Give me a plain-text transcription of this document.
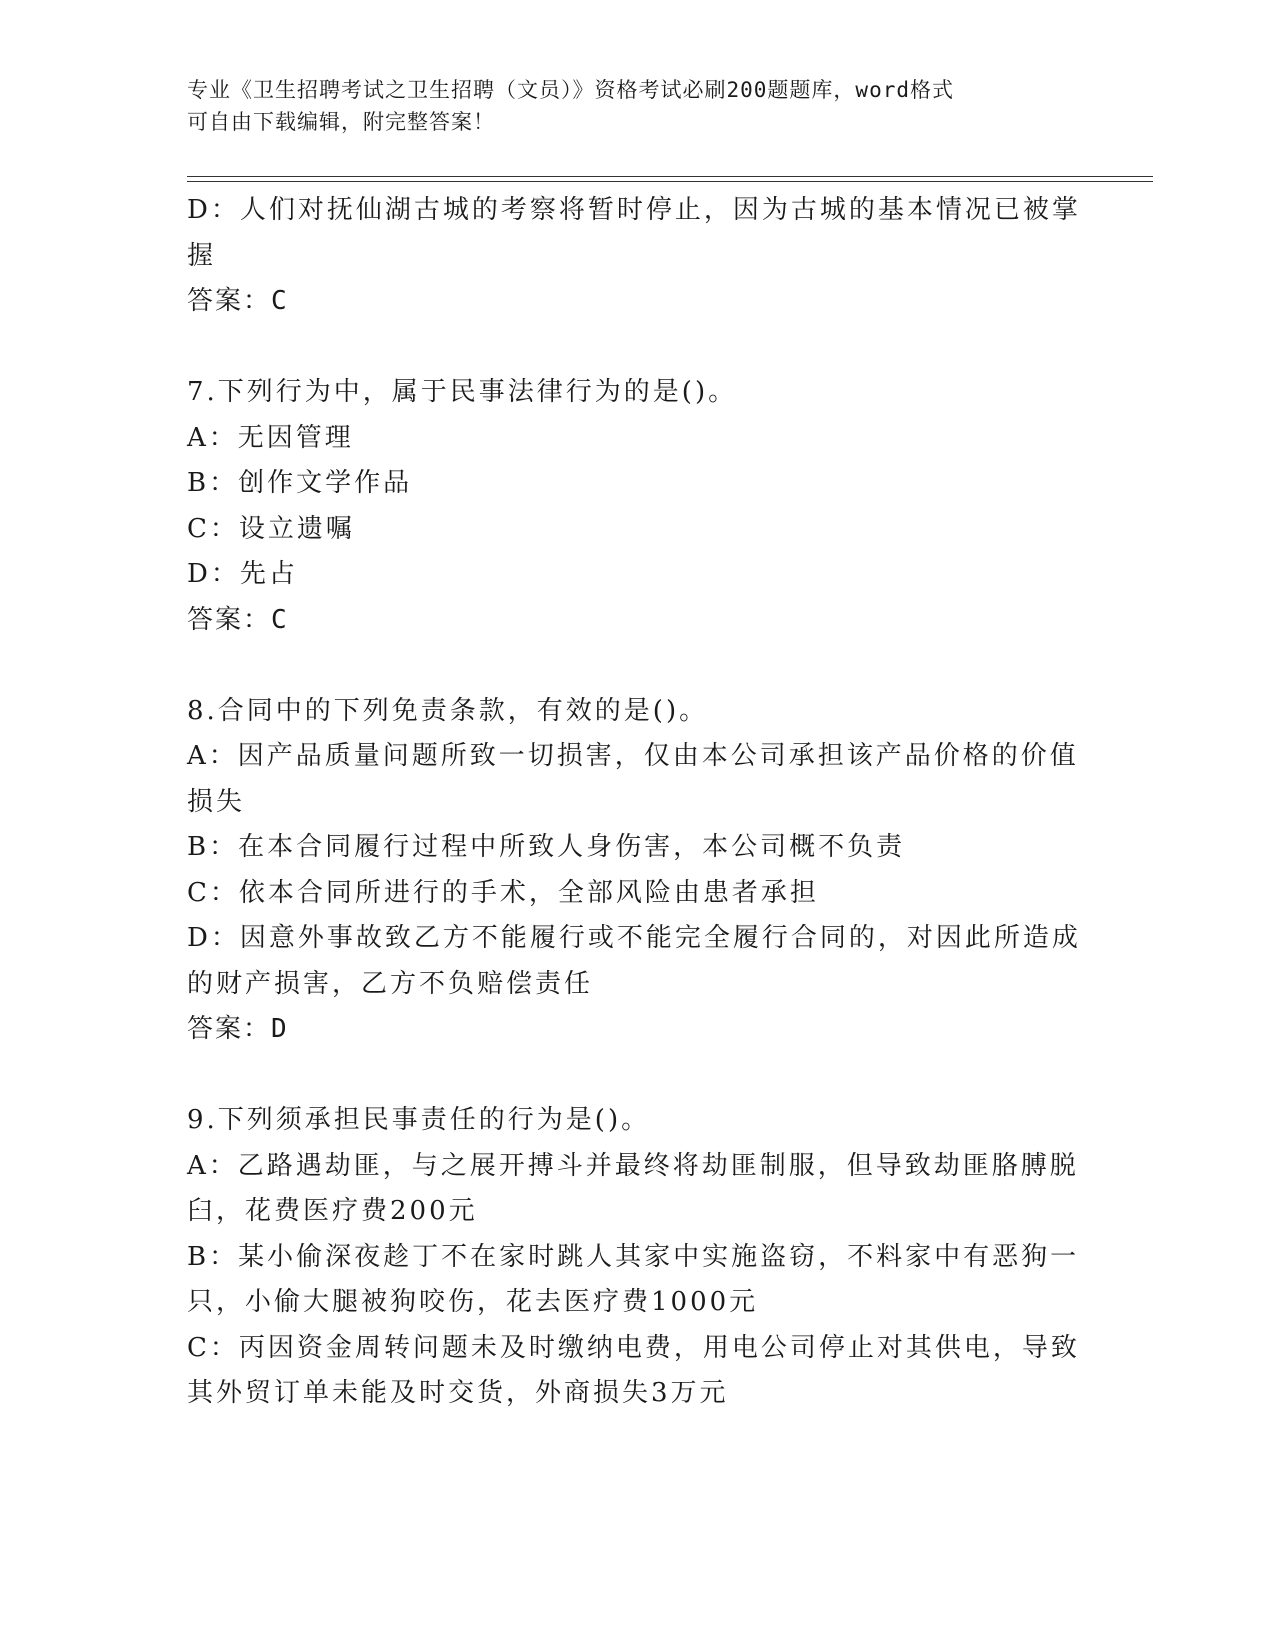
专业《卫生招聘考试之卫生招聘（文员）》资格考试必刷200题题库，word格式
可自由下载编辑，附完整答案！
D：人们对抚仙湖古城的考察将暂时停止，因为古城的基本情况已被掌
握
答案：C
7.下列行为中，属于民事法律行为的是()。
A：无因管理
B：创作文学作品
C：设立遗嘱
D：先占
答案：C
8.合同中的下列免责条款，有效的是()。
A：因产品质量问题所致一切损害，仅由本公司承担该产品价格的价值
损失
B：在本合同履行过程中所致人身伤害，本公司概不负责
C：依本合同所进行的手术，全部风险由患者承担
D：因意外事故致乙方不能履行或不能完全履行合同的，对因此所造成
的财产损害，乙方不负赔偿责任
答案：D
9.下列须承担民事责任的行为是()。
A：乙路遇劫匪，与之展开搏斗并最终将劫匪制服，但导致劫匪胳膊脱
臼，花费医疗费200元
B：某小偷深夜趁丁不在家时跳人其家中实施盗窃，不料家中有恶狗一
只，小偷大腿被狗咬伤，花去医疗费1000元
C：丙因资金周转问题未及时缴纳电费，用电公司停止对其供电，导致
其外贸订单未能及时交货，外商损失3万元
